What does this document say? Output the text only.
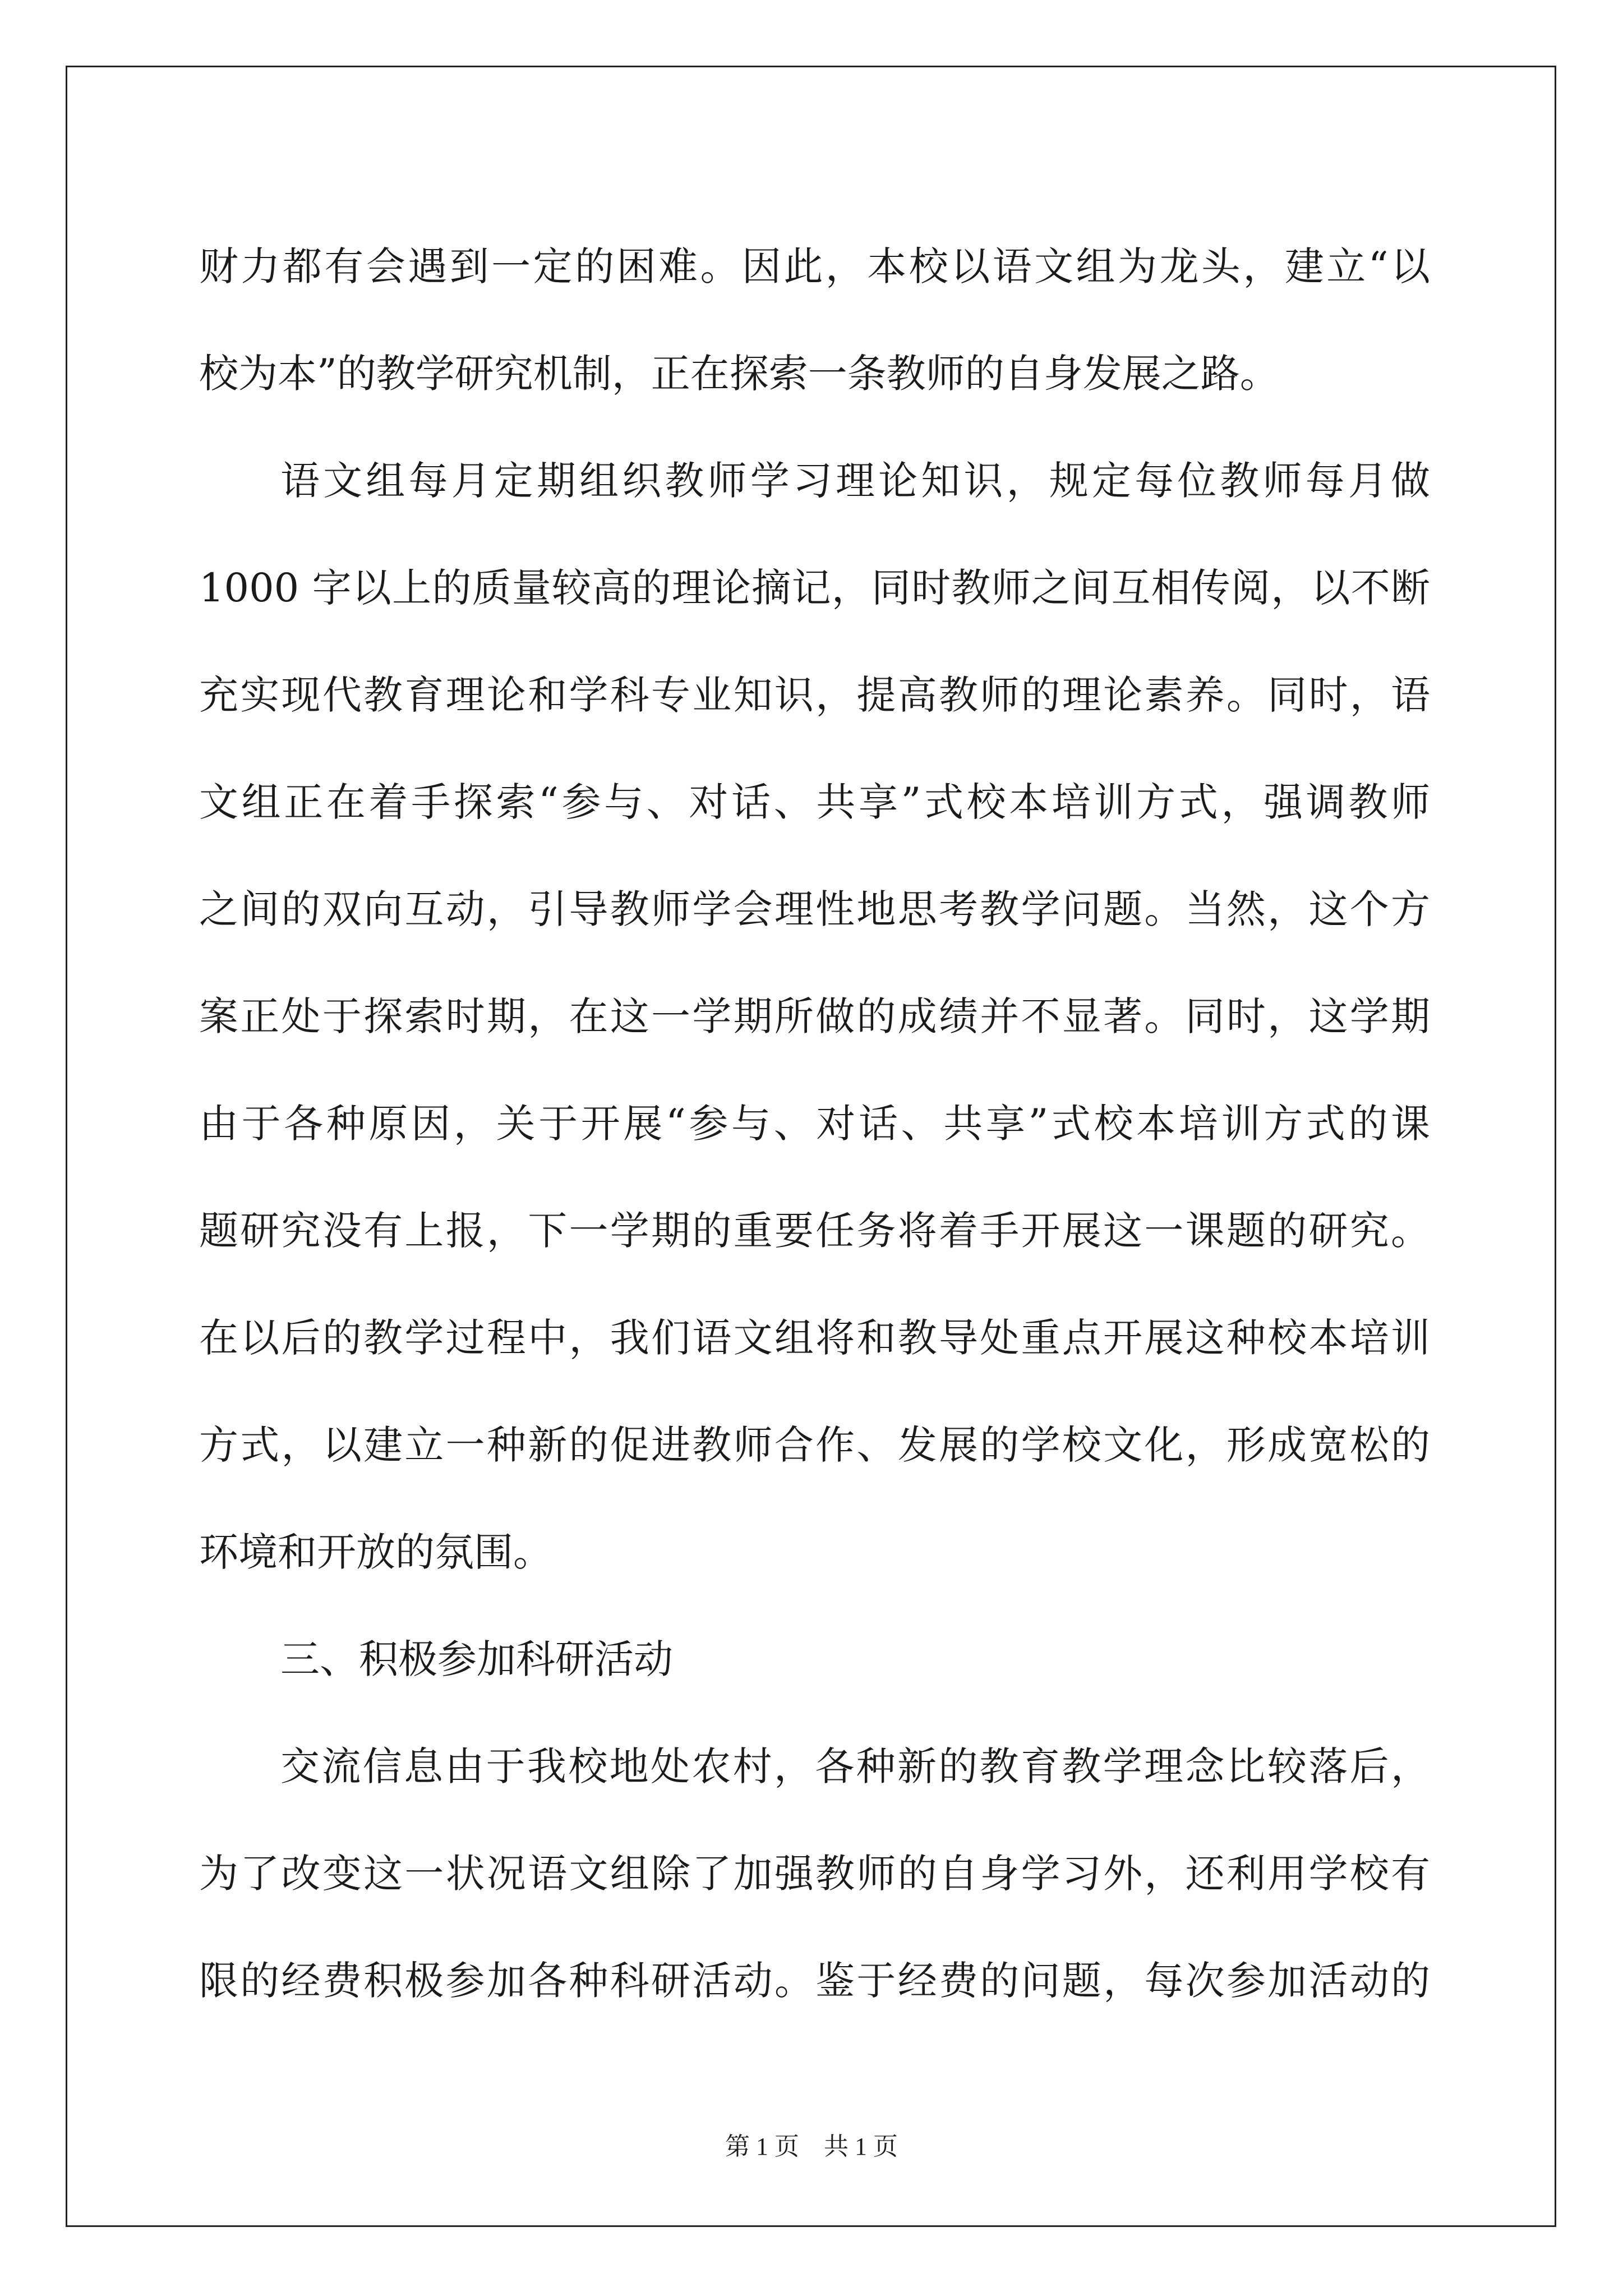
财力都有会遇到一定的困难。因此，本校以语文组为龙头，建立“以
校为本”的教学研究机制，正在探索一条教师的自身发展之路。
语文组每月定期组织教师学习理论知识，规定每位教师每月做
1000 字以上的质量较高的理论摘记，同时教师之间互相传阅，以不断
充实现代教育理论和学科专业知识，提高教师的理论素养。同时，语
文组正在着手探索“参与、对话、共享”式校本培训方式，强调教师
之间的双向互动，引导教师学会理性地思考教学问题。当然，这个方
案正处于探索时期，在这一学期所做的成绩并不显著。同时，这学期
由于各种原因，关于开展“参与、对话、共享”式校本培训方式的课
题研究没有上报，下一学期的重要任务将着手开展这一课题的研究。
在以后的教学过程中，我们语文组将和教导处重点开展这种校本培训
方式，以建立一种新的促进教师合作、发展的学校文化，形成宽松的
环境和开放的氛围。
三、积极参加科研活动
交流信息由于我校地处农村，各种新的教育教学理念比较落后，
为了改变这一状况语文组除了加强教师的自身学习外，还利用学校有
限的经费积极参加各种科研活动。鉴于经费的问题，每次参加活动的
第 1 页　共 1 页
